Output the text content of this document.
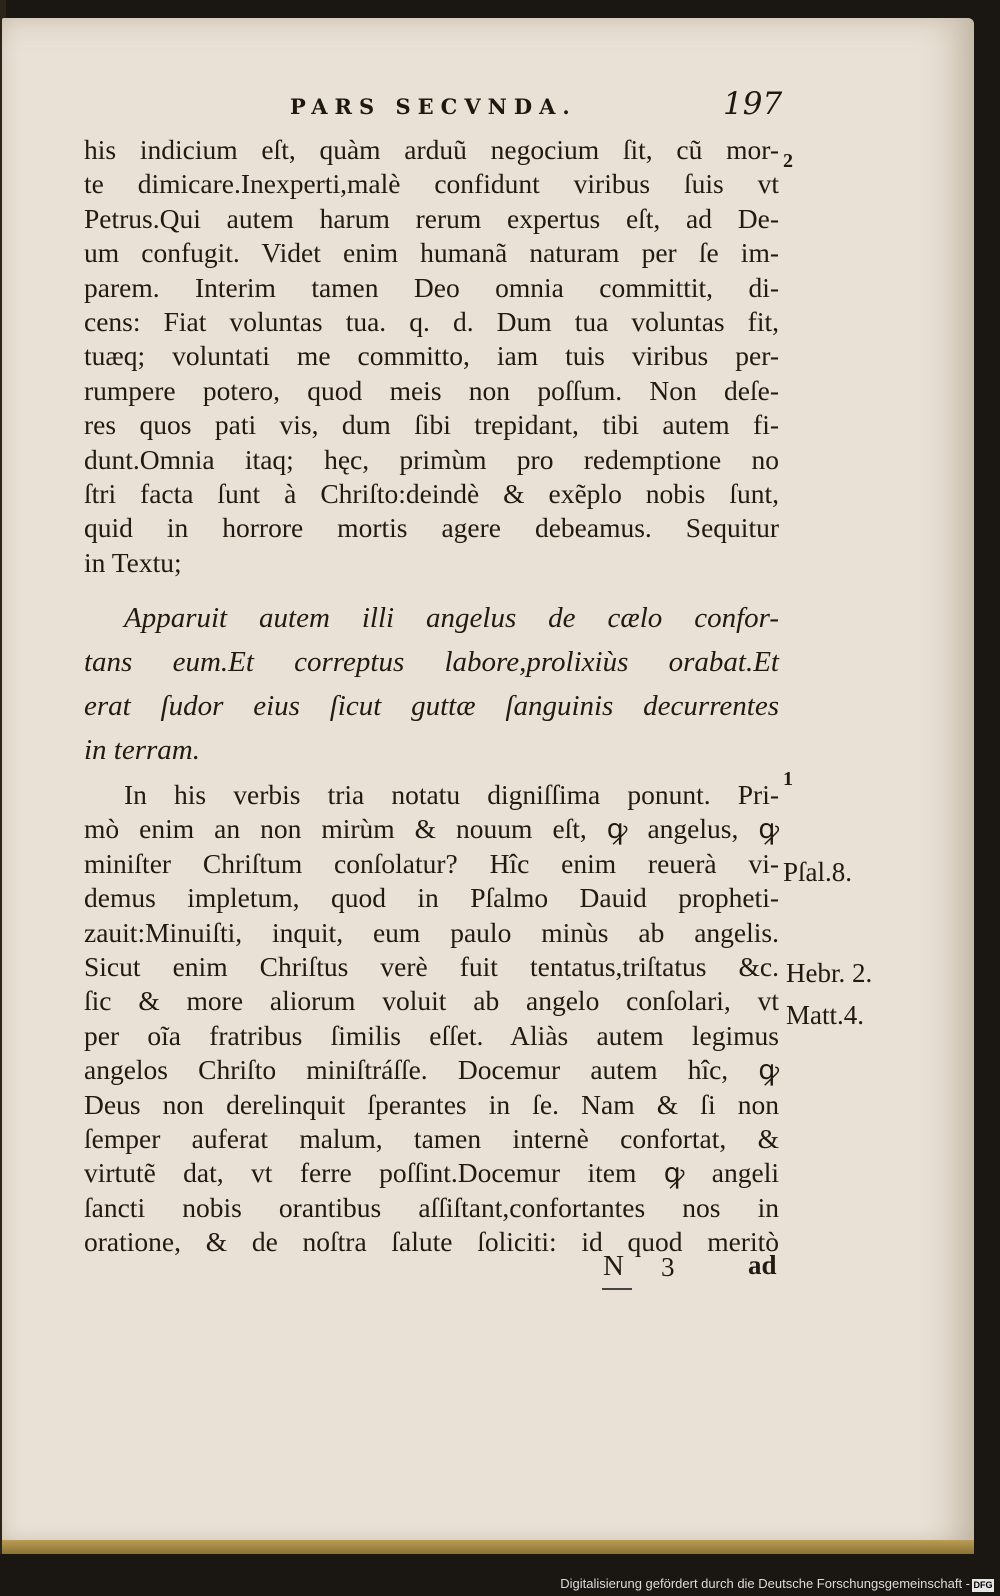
PARS SECVNDA.	197
his indicium eſt, quàm arduũ negocium ſit, cũ mor-
te dimicare.Inexperti,malè confidunt viribus ſuis vt
Petrus.Qui autem harum rerum expertus eſt, ad De-
um confugit. Videt enim humanã naturam per ſe im-
parem. Interim tamen Deo omnia committit, di-
cens: Fiat voluntas tua. q. d. Dum tua voluntas fit,
tuæq; voluntati me committo, iam tuis viribus per-
rumpere potero, quod meis non poſſum. Non deſe-
res quos pati vis, dum ſibi trepidant, tibi autem fi-
dunt.Omnia itaq; hęc, primùm pro redemptione no
ſtri facta ſunt à Chriſto:deindè & exẽplo nobis ſunt,
quid in horrore mortis agere debeamus. Sequitur
in Textu;
Apparuit autem illi angelus de cælo confor-
tans eum.Et correptus labore,prolixiùs orabat.Et
erat ſudor eius ſicut guttæ ſanguinis decurrentes
in terram.
In his verbis tria notatu digniſſima ponunt. Pri-
mò enim an non mirùm & nouum eſt, ꝙ angelus, ꝙ
miniſter Chriſtum conſolatur? Hîc enim reuerà vi-
demus impletum, quod in Pſalmo Dauid propheti-
zauit:Minuiſti, inquit, eum paulo minùs ab angelis.
Sicut enim Chriſtus verè fuit tentatus,triſtatus &c.
ſic & more aliorum voluit ab angelo conſolari, vt
per oĩa fratribus ſimilis eſſet. Aliàs autem legimus
angelos Chriſto miniſtráſſe. Docemur autem hîc, ꝙ
Deus non derelinquit ſperantes in ſe. Nam & ſi non
ſemper auferat malum, tamen internè confortat, &
virtutẽ dat, vt ferre poſſint.Docemur item ꝙ angeli
ſancti nobis orantibus aſſiſtant,confortantes nos in
oratione, & de noſtra ſalute ſoliciti: id quod meritò
2
1
Pſal.8.
Hebr. 2.
Matt.4.
N 3	ad
Digitalisierung gefördert durch die Deutsche Forschungsgemeinschaft - DFG
